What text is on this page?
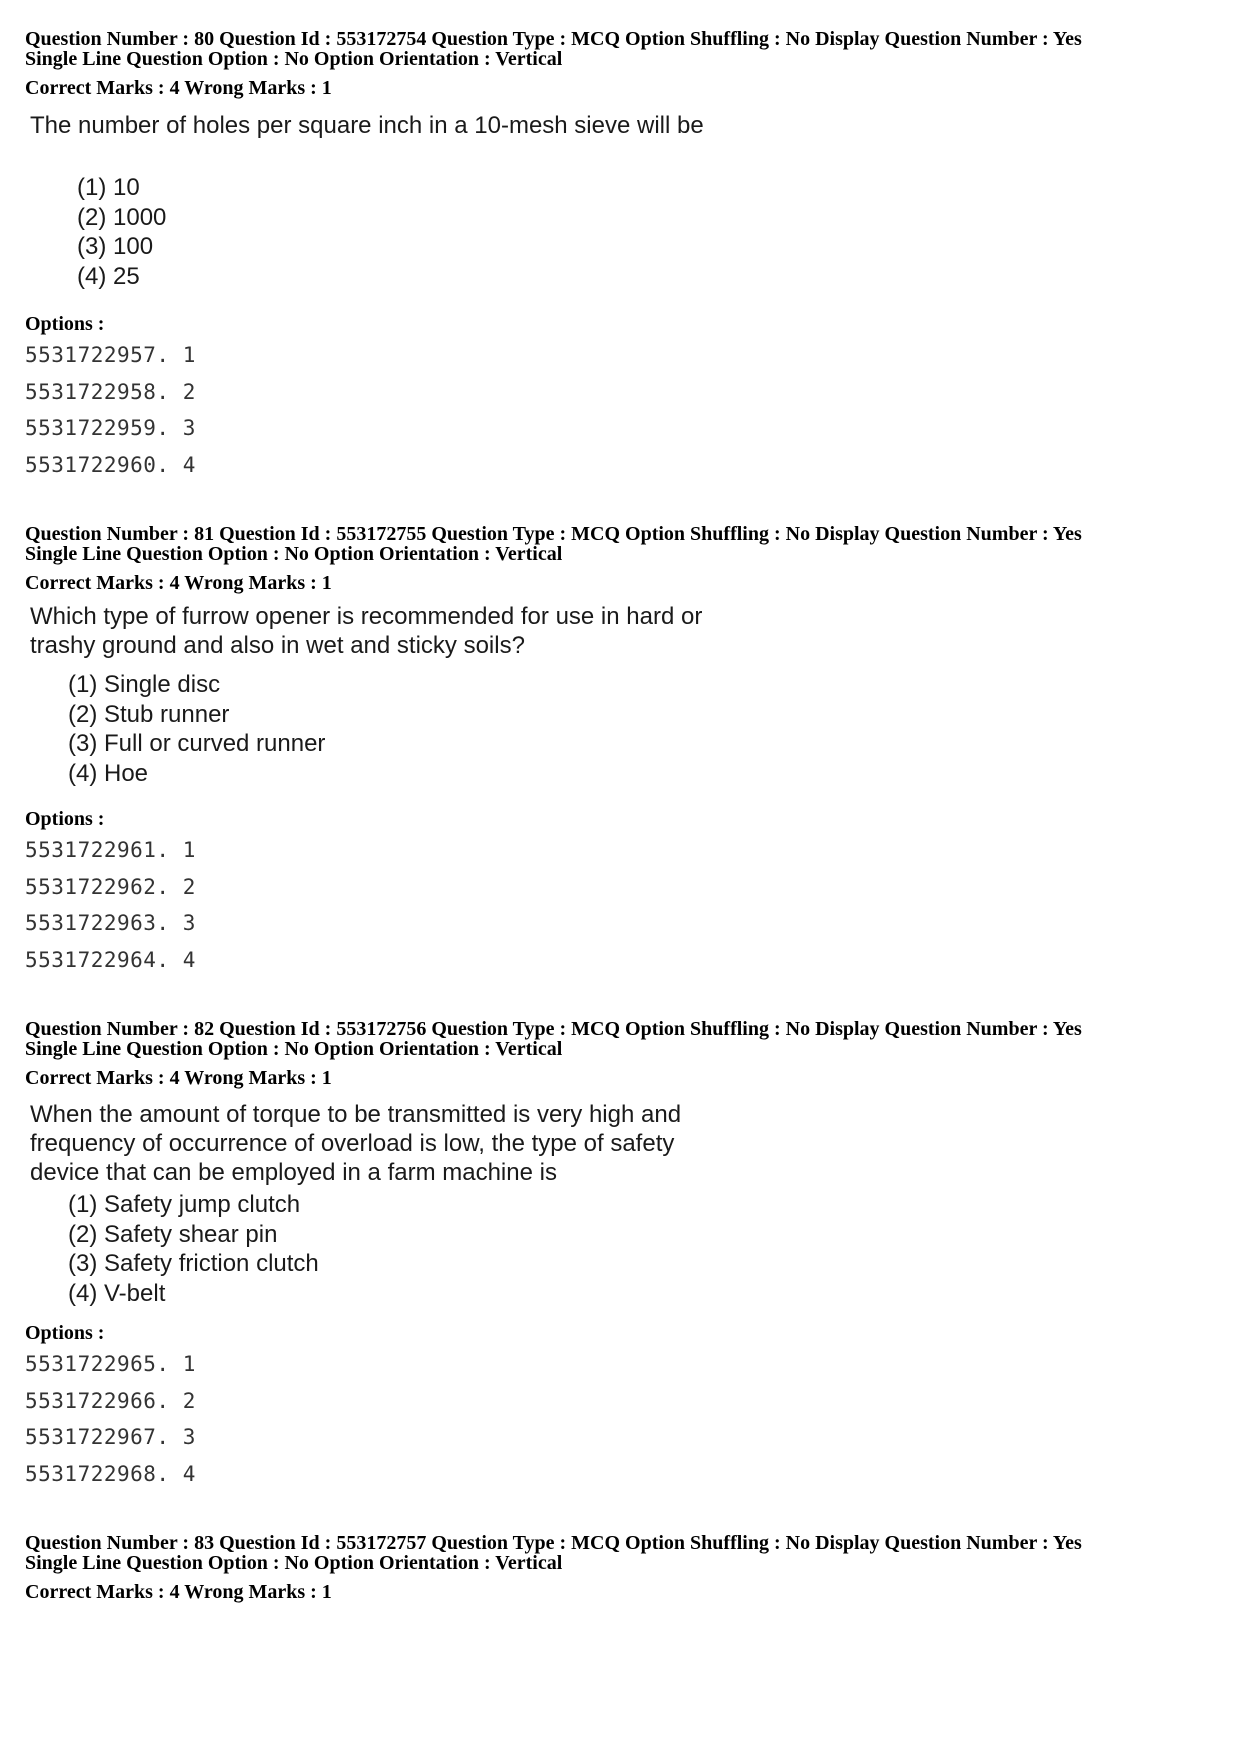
Question Number : 80 Question Id : 553172754 Question Type : MCQ Option Shuffling : No Display Question Number : Yes
Single Line Question Option : No Option Orientation : Vertical
Correct Marks : 4 Wrong Marks : 1
The number of holes per square inch in a 10-mesh sieve will be
(1) 10
(2) 1000
(3) 100
(4) 25
Options :
5531722957. 1
5531722958. 2
5531722959. 3
5531722960. 4
Question Number : 81 Question Id : 553172755 Question Type : MCQ Option Shuffling : No Display Question Number : Yes
Single Line Question Option : No Option Orientation : Vertical
Correct Marks : 4 Wrong Marks : 1
Which type of furrow opener is recommended for use in hard or
trashy ground and also in wet and sticky soils?
(1) Single disc
(2) Stub runner
(3) Full or curved runner
(4) Hoe
Options :
5531722961. 1
5531722962. 2
5531722963. 3
5531722964. 4
Question Number : 82 Question Id : 553172756 Question Type : MCQ Option Shuffling : No Display Question Number : Yes
Single Line Question Option : No Option Orientation : Vertical
Correct Marks : 4 Wrong Marks : 1
When the amount of torque to be transmitted is very high and
frequency of occurrence of overload is low, the type of safety
device that can be employed in a farm machine is
(1) Safety jump clutch
(2) Safety shear pin
(3) Safety friction clutch
(4) V-belt
Options :
5531722965. 1
5531722966. 2
5531722967. 3
5531722968. 4
Question Number : 83 Question Id : 553172757 Question Type : MCQ Option Shuffling : No Display Question Number : Yes
Single Line Question Option : No Option Orientation : Vertical
Correct Marks : 4 Wrong Marks : 1
